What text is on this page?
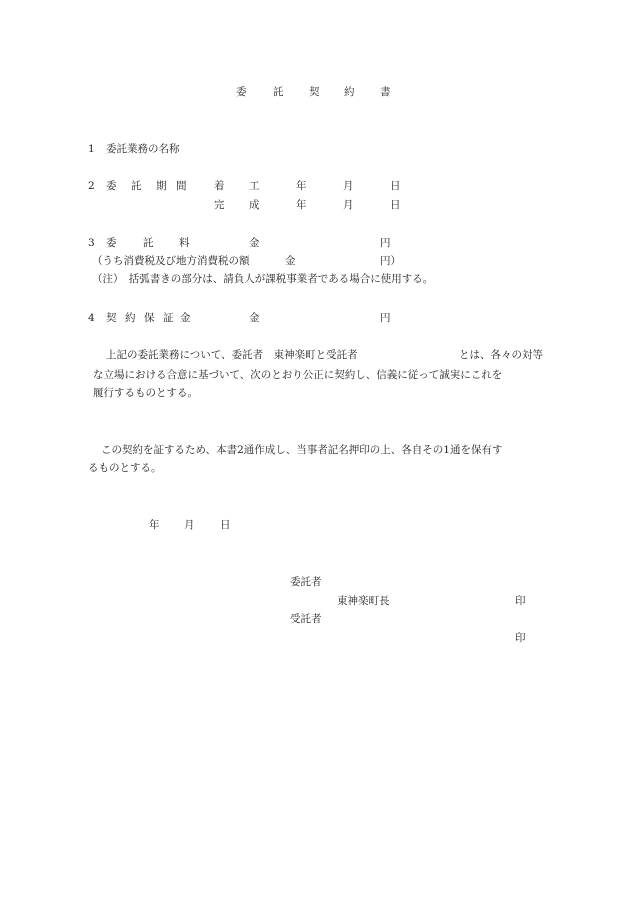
委	託 契 約 書
1 委託業務の名称
2 委 託 期 間	着 工	年	月	日
完 成	年	月	日
3 委	託 料	金	円
（うち消費税及び地方消費税の額	金	円）
（注）　括弧書きの部分は、請負人が課税事業者である場合に使用する。
4 契 約 保 証 金	金	円
上記の委託業務について、委託者　東神楽町と受託者	とは、各々の対等
な立場における合意に基づいて、次のとおり公正に契約し、信義に従って誠実にこれを
履行するものとする。
この契約を証するため、本書2通作成し、当事者記名押印の上、各自その1通を保有す
るものとする。
年 月 日
委託者
東神楽町長	印
受託者
印
